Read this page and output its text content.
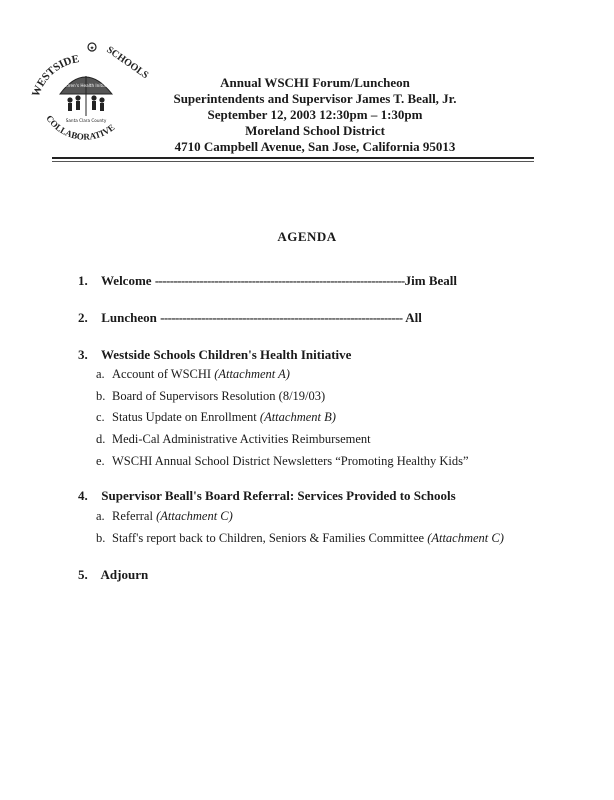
✦
WESTSIDE SCHOOLS
COLLABORATIVE
Children's Health Initiative
Santa Clara County
Annual WSCHI Forum/Luncheon
Superintendents and Supervisor James T. Beall, Jr.
September 12, 2003 12:30pm – 1:30pm
Moreland School District
4710 Campbell Avenue, San Jose, California 95013
AGENDA
1. Welcome -------------------------------------------------------------------Jim Beall
2. Luncheon ----------------------------------------------------------------- All
3. Westside Schools Children's Health Initiative
a. Account of WSCHI (Attachment A)
b. Board of Supervisors Resolution (8/19/03)
c. Status Update on Enrollment (Attachment B)
d. Medi-Cal Administrative Activities Reimbursement
e. WSCHI Annual School District Newsletters “Promoting Healthy Kids”
4. Supervisor Beall's Board Referral: Services Provided to Schools
a. Referral (Attachment C)
b. Staff's report back to Children, Seniors & Families Committee (Attachment C)
5. Adjourn
